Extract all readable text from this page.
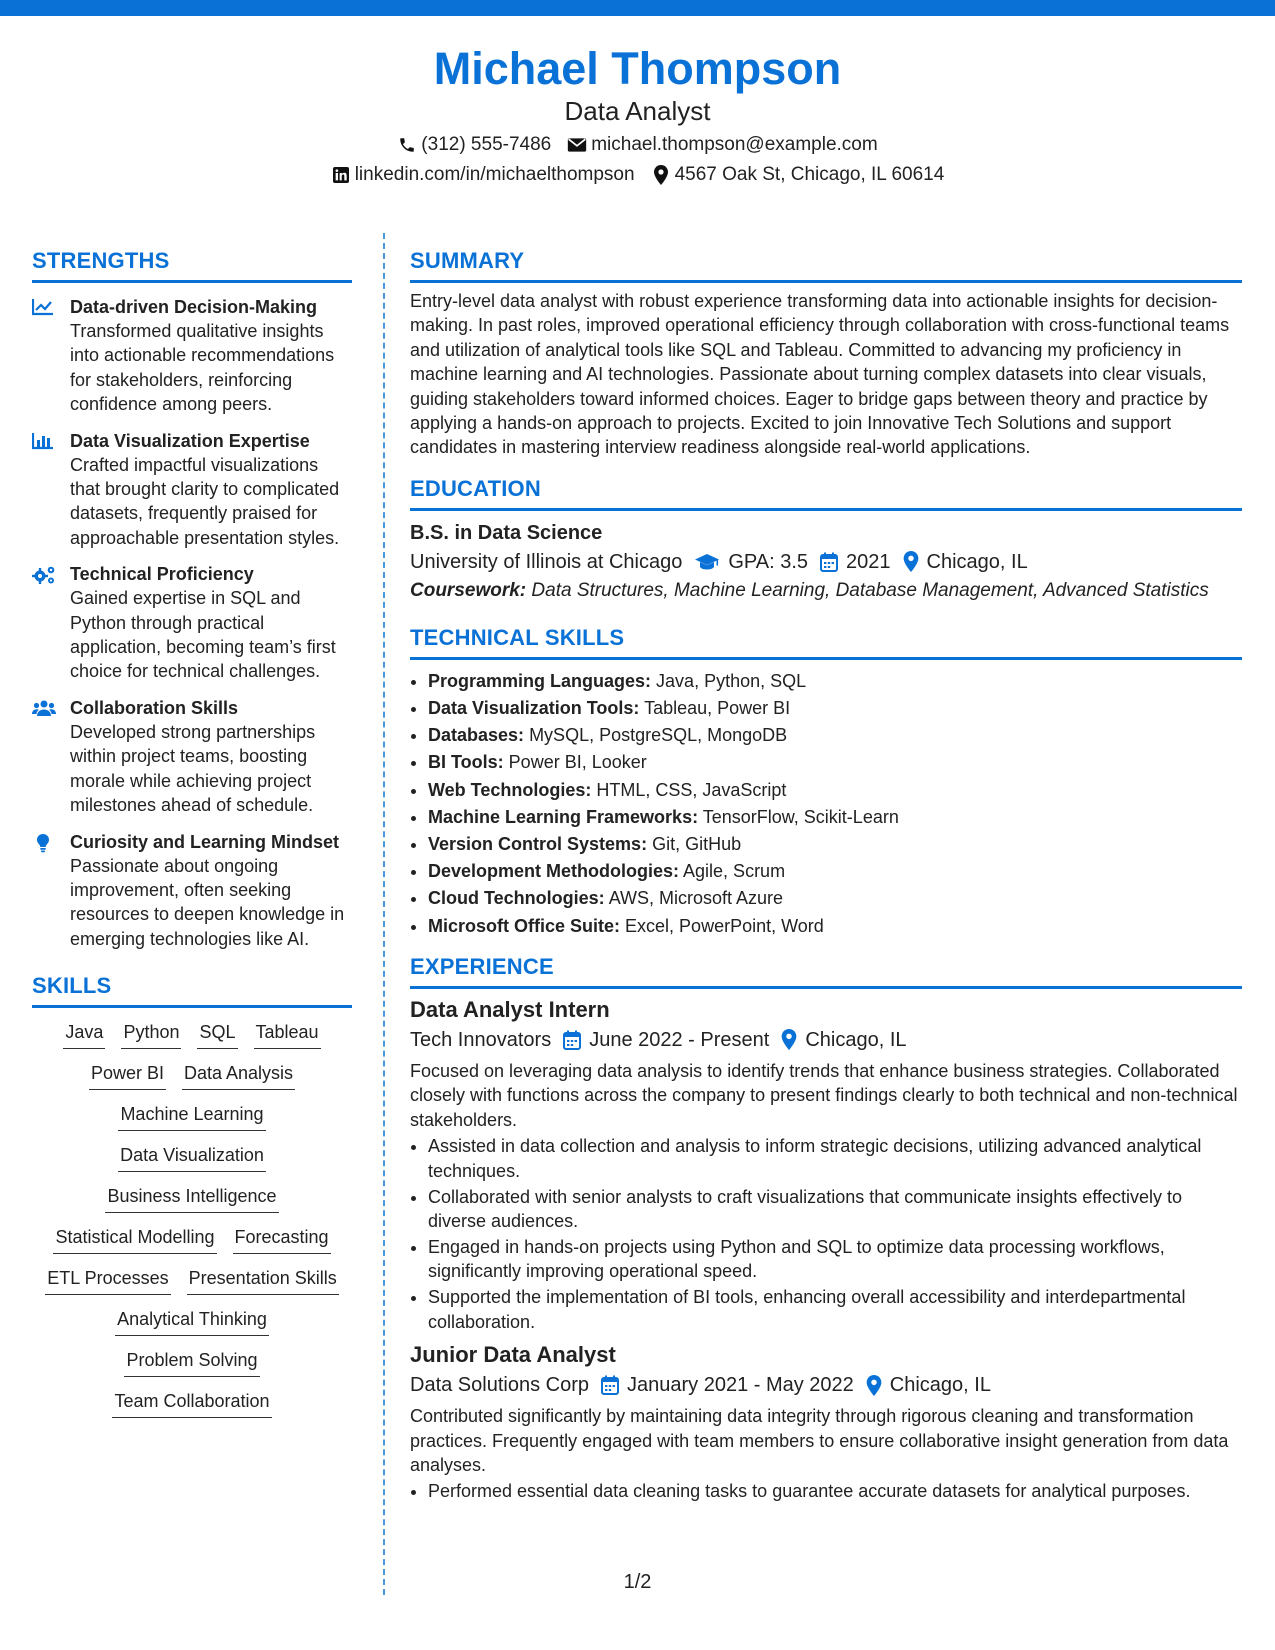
Michael Thompson
Data Analyst
(312) 555-7486 michael.thompson@example.com
linkedin.com/in/michaelthompson 4567 Oak St, Chicago, IL 60614
STRENGTHS
Data-driven Decision-Making
Transformed qualitative insights into actionable recommendations for stakeholders, reinforcing confidence among peers.
Data Visualization Expertise
Crafted impactful visualizations that brought clarity to complicated datasets, frequently praised for approachable presentation styles.
Technical Proficiency
Gained expertise in SQL and Python through practical application, becoming team’s first choice for technical challenges.
Collaboration Skills
Developed strong partnerships within project teams, boosting morale while achieving project milestones ahead of schedule.
Curiosity and Learning Mindset
Passionate about ongoing improvement, often seeking resources to deepen knowledge in emerging technologies like AI.
SKILLS
Java Python SQL Tableau
Power BI Data Analysis
Machine Learning
Data Visualization
Business Intelligence
Statistical Modelling Forecasting
ETL Processes Presentation Skills
Analytical Thinking
Problem Solving
Team Collaboration
SUMMARY
Entry-level data analyst with robust experience transforming data into actionable insights for decision-making. In past roles, improved operational efficiency through collaboration with cross-functional teams and utilization of analytical tools like SQL and Tableau. Committed to advancing my proficiency in machine learning and AI technologies. Passionate about turning complex datasets into clear visuals, guiding stakeholders toward informed choices. Eager to bridge gaps between theory and practice by applying a hands-on approach to projects. Excited to join Innovative Tech Solutions and support candidates in mastering interview readiness alongside real-world applications.
EDUCATION
B.S. in Data Science
University of Illinois at Chicago GPA: 3.5 2021 Chicago, IL
Coursework: Data Structures, Machine Learning, Database Management, Advanced Statistics
TECHNICAL SKILLS
• Programming Languages: Java, Python, SQL
• Data Visualization Tools: Tableau, Power BI
• Databases: MySQL, PostgreSQL, MongoDB
• BI Tools: Power BI, Looker
• Web Technologies: HTML, CSS, JavaScript
• Machine Learning Frameworks: TensorFlow, Scikit-Learn
• Version Control Systems: Git, GitHub
• Development Methodologies: Agile, Scrum
• Cloud Technologies: AWS, Microsoft Azure
• Microsoft Office Suite: Excel, PowerPoint, Word
EXPERIENCE
Data Analyst Intern
Tech Innovators June 2022 - Present Chicago, IL
Focused on leveraging data analysis to identify trends that enhance business strategies. Collaborated closely with functions across the company to present findings clearly to both technical and non-technical stakeholders.
• Assisted in data collection and analysis to inform strategic decisions, utilizing advanced analytical techniques.
• Collaborated with senior analysts to craft visualizations that communicate insights effectively to diverse audiences.
• Engaged in hands-on projects using Python and SQL to optimize data processing workflows, significantly improving operational speed.
• Supported the implementation of BI tools, enhancing overall accessibility and interdepartmental collaboration.
Junior Data Analyst
Data Solutions Corp January 2021 - May 2022 Chicago, IL
Contributed significantly by maintaining data integrity through rigorous cleaning and transformation practices. Frequently engaged with team members to ensure collaborative insight generation from data analyses.
• Performed essential data cleaning tasks to guarantee accurate datasets for analytical purposes.
1/2
